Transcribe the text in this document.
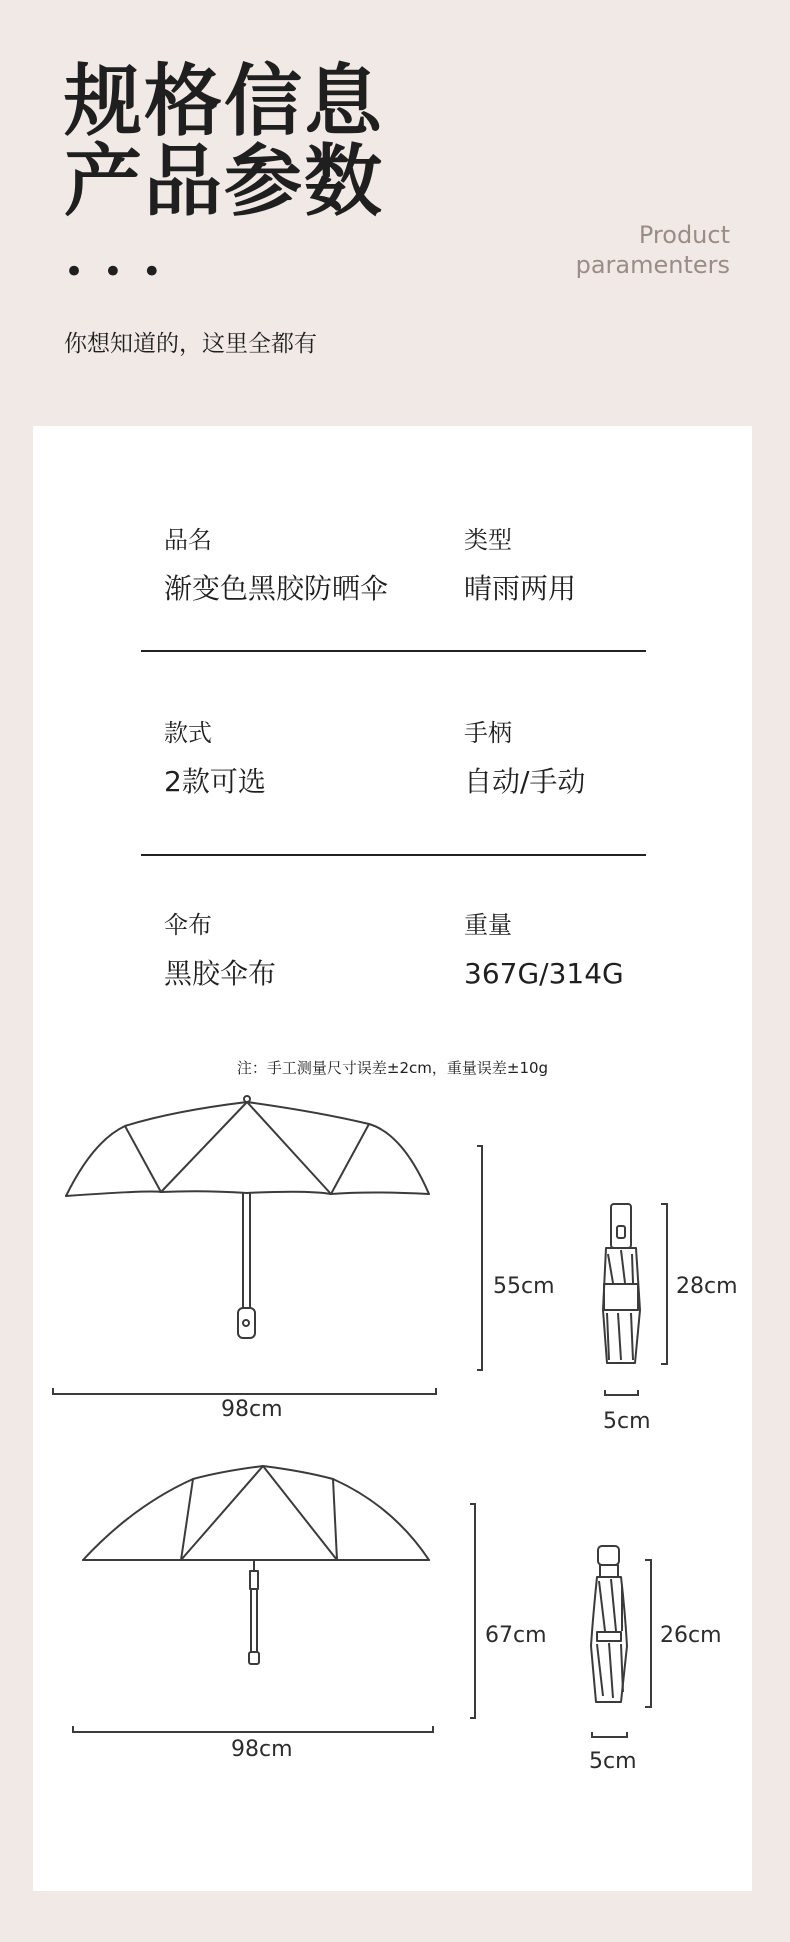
规格信息
产品参数
• • •
你想知道的，这里全都有
Product
paramenters
品名
渐变色黑胶防晒伞
类型
晴雨两用
款式
2款可选
手柄
自动/手动
伞布
黑胶伞布
重量
367G/314G
注：手工测量尺寸误差±2cm，重量误差±10g
98cm
55cm	28cm
5cm
98cm
67cm	26cm
5cm
